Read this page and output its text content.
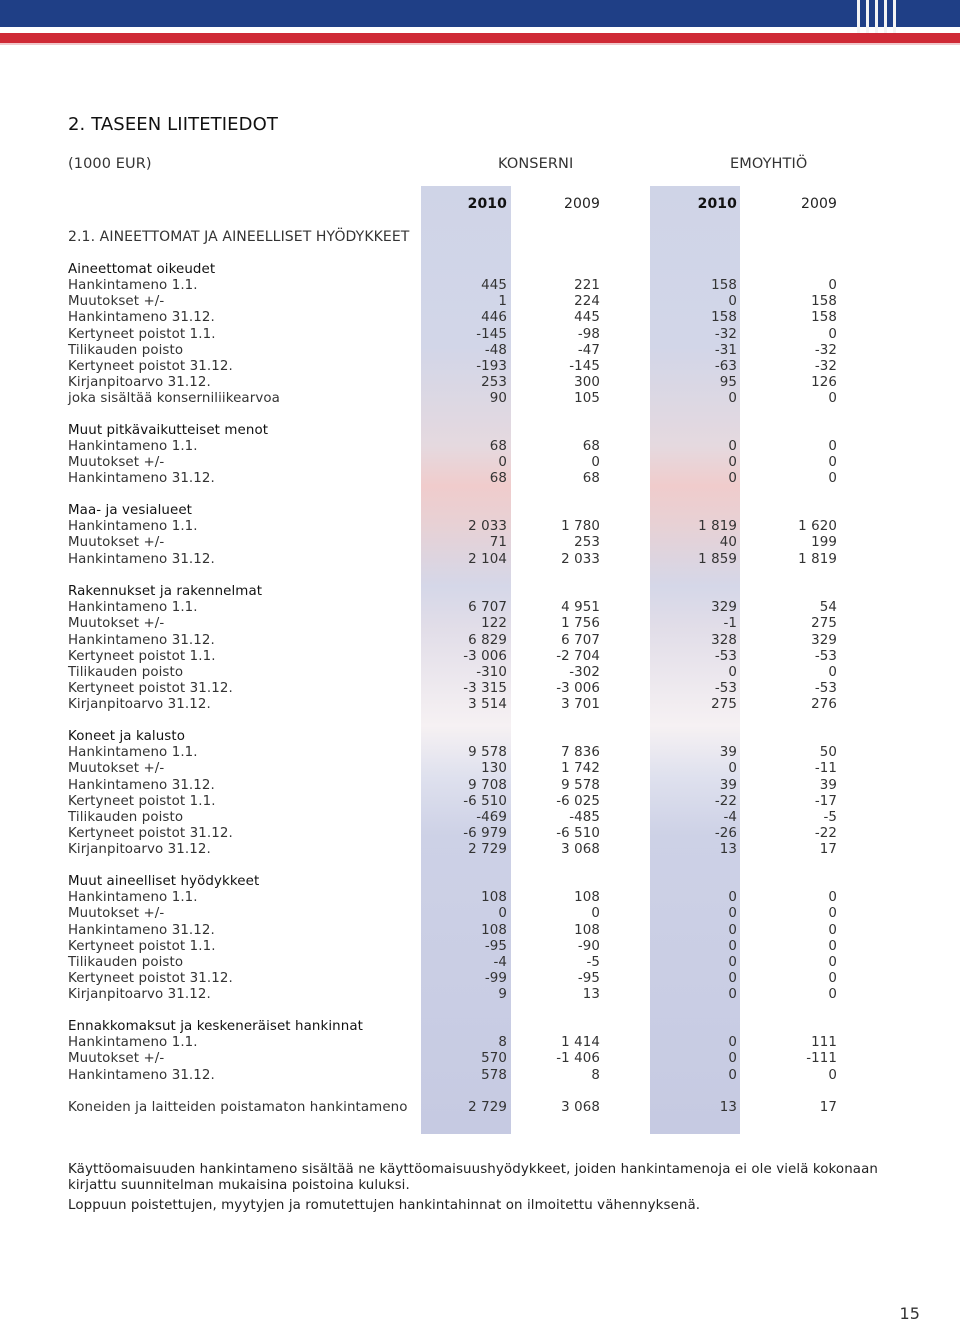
2. TASEEN LIITETIEDOT
(1000 EUR)	KONSERNI	EMOYHTIÖ
2010	2009	2010	2009
2.1. AINEETTOMAT JA AINEELLISET HYÖDYKKEET
Aineettomat oikeudet
Hankintameno 1.1.	445	221	158	0
Muutokset +/-	1	224	0	158
Hankintameno 31.12.	446	445	158	158
Kertyneet poistot 1.1.	-145	-98	-32	0
Tilikauden poisto	-48	-47	-31	-32
Kertyneet poistot 31.12.	-193	-145	-63	-32
Kirjanpitoarvo 31.12.	253	300	95	126
joka sisältää konserniliikearvoa	90	105	0	0
Muut pitkävaikutteiset menot
Hankintameno 1.1.	68	68	0	0
Muutokset +/-	0	0	0	0
Hankintameno 31.12.	68	68	0	0
Maa- ja vesialueet
Hankintameno 1.1.	2 033	1 780	1 819	1 620
Muutokset +/-	71	253	40	199
Hankintameno 31.12.	2 104	2 033	1 859	1 819
Rakennukset ja rakennelmat
Hankintameno 1.1.	6 707	4 951	329	54
Muutokset +/-	122	1 756	-1	275
Hankintameno 31.12.	6 829	6 707	328	329
Kertyneet poistot 1.1.	-3 006	-2 704	-53	-53
Tilikauden poisto	-310	-302	0	0
Kertyneet poistot 31.12.	-3 315	-3 006	-53	-53
Kirjanpitoarvo 31.12.	3 514	3 701	275	276
Koneet ja kalusto
Hankintameno 1.1.	9 578	7 836	39	50
Muutokset +/-	130	1 742	0	-11
Hankintameno 31.12.	9 708	9 578	39	39
Kertyneet poistot 1.1.	-6 510	-6 025	-22	-17
Tilikauden poisto	-469	-485	-4	-5
Kertyneet poistot 31.12.	-6 979	-6 510	-26	-22
Kirjanpitoarvo 31.12.	2 729	3 068	13	17
Muut aineelliset hyödykkeet
Hankintameno 1.1.	108	108	0	0
Muutokset +/-	0	0	0	0
Hankintameno 31.12.	108	108	0	0
Kertyneet poistot 1.1.	-95	-90	0	0
Tilikauden poisto	-4	-5	0	0
Kertyneet poistot 31.12.	-99	-95	0	0
Kirjanpitoarvo 31.12.	9	13	0	0
Ennakkomaksut ja keskeneräiset hankinnat
Hankintameno 1.1.	8	1 414	0	111
Muutokset +/-	570	-1 406	0	-111
Hankintameno 31.12.	578	8	0	0
Koneiden ja laitteiden poistamaton hankintameno	2 729	3 068	13	17
Käyttöomaisuuden hankintameno sisältää ne käyttöomaisuushyödykkeet, joiden hankintamenoja ei ole vielä kokonaan kirjattu suunnitelman mukaisina poistoina kuluksi.
Loppuun poistettujen, myytyjen ja romutettujen hankintahinnat on ilmoitettu vähennyksenä.
15
